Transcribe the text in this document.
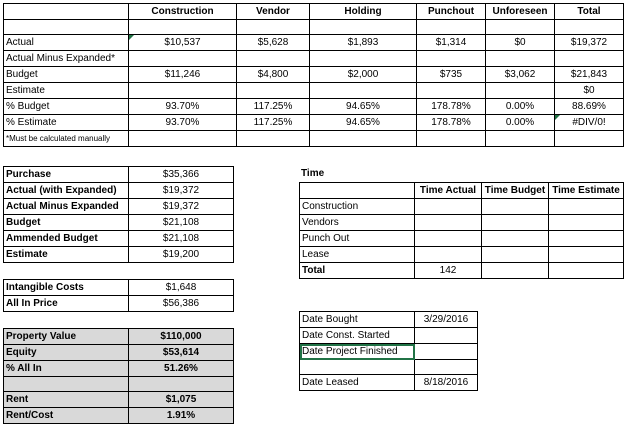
	Construction	Vendor	Holding	Punchout	Unforeseen	Total

Actual	$10,537	$5,628	$1,893	$1,314	$0	$19,372
Actual Minus Expanded*						
Budget	$11,246	$4,800	$2,000	$735	$3,062	$21,843
Estimate						$0
% Budget	93.70%	117.25%	94.65%	178.78%	0.00%	88.69%
% Estimate	93.70%	117.25%	94.65%	178.78%	0.00%	#DIV/0!
*Must be calculated manually						
Purchase	$35,366
Actual (with Expanded)	$19,372
Actual Minus Expanded	$19,372
Budget	$21,108
Ammended Budget	$21,108
Estimate	$19,200
Intangible Costs	$1,648
All In Price	$56,386
Property Value	$110,000
Equity	$53,614
% All In	51.26%

Rent	$1,075
Rent/Cost	1.91%
Time
	Time Actual	Time Budget	Time Estimate
Construction			
Vendors			
Punch Out			
Lease			
Total	142		
Date Bought	3/29/2016
Date Const. Started	
Date Project Finished	

Date Leased	8/18/2016
